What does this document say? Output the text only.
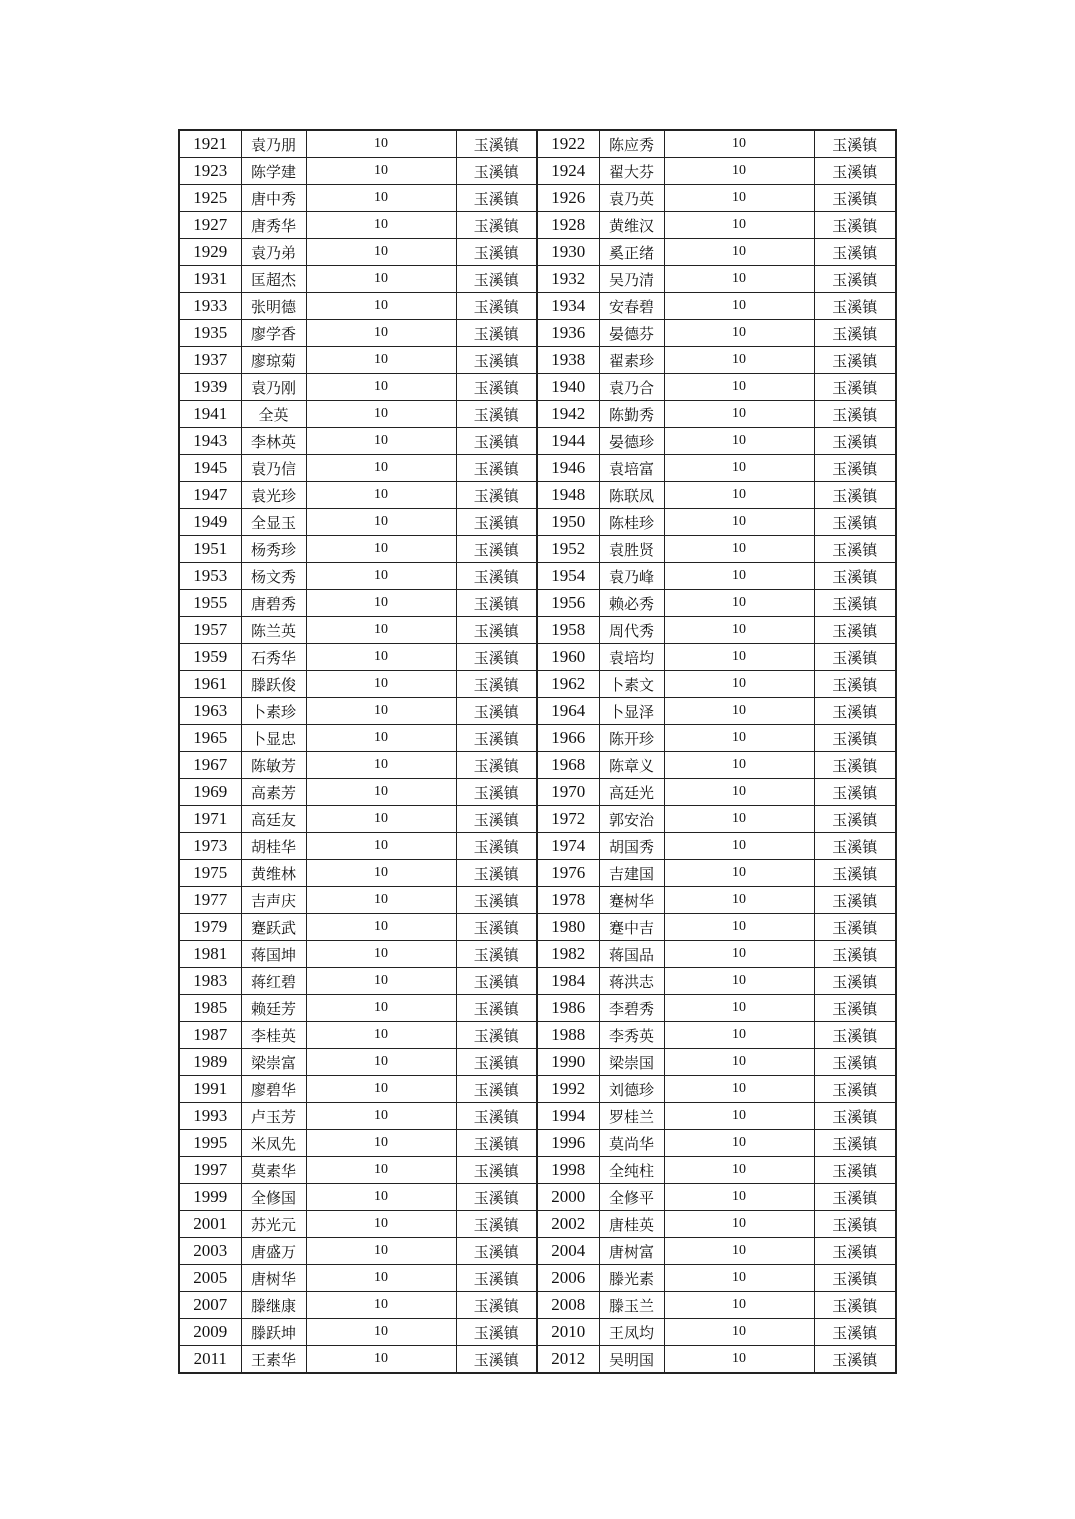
1921	袁乃朋	10	玉溪镇	1922	陈应秀	10	玉溪镇
1923	陈学建	10	玉溪镇	1924	翟大芬	10	玉溪镇
1925	唐中秀	10	玉溪镇	1926	袁乃英	10	玉溪镇
1927	唐秀华	10	玉溪镇	1928	黄维汉	10	玉溪镇
1929	袁乃弟	10	玉溪镇	1930	奚正绪	10	玉溪镇
1931	匡超杰	10	玉溪镇	1932	吴乃清	10	玉溪镇
1933	张明德	10	玉溪镇	1934	安春碧	10	玉溪镇
1935	廖学香	10	玉溪镇	1936	晏德芬	10	玉溪镇
1937	廖琼菊	10	玉溪镇	1938	翟素珍	10	玉溪镇
1939	袁乃刚	10	玉溪镇	1940	袁乃合	10	玉溪镇
1941	全英	10	玉溪镇	1942	陈勤秀	10	玉溪镇
1943	李林英	10	玉溪镇	1944	晏德珍	10	玉溪镇
1945	袁乃信	10	玉溪镇	1946	袁培富	10	玉溪镇
1947	袁光珍	10	玉溪镇	1948	陈联凤	10	玉溪镇
1949	全显玉	10	玉溪镇	1950	陈桂珍	10	玉溪镇
1951	杨秀珍	10	玉溪镇	1952	袁胜贤	10	玉溪镇
1953	杨文秀	10	玉溪镇	1954	袁乃峰	10	玉溪镇
1955	唐碧秀	10	玉溪镇	1956	赖必秀	10	玉溪镇
1957	陈兰英	10	玉溪镇	1958	周代秀	10	玉溪镇
1959	石秀华	10	玉溪镇	1960	袁培均	10	玉溪镇
1961	滕跃俊	10	玉溪镇	1962	卜素文	10	玉溪镇
1963	卜素珍	10	玉溪镇	1964	卜显泽	10	玉溪镇
1965	卜显忠	10	玉溪镇	1966	陈开珍	10	玉溪镇
1967	陈敏芳	10	玉溪镇	1968	陈章义	10	玉溪镇
1969	高素芳	10	玉溪镇	1970	高廷光	10	玉溪镇
1971	高廷友	10	玉溪镇	1972	郭安治	10	玉溪镇
1973	胡桂华	10	玉溪镇	1974	胡国秀	10	玉溪镇
1975	黄维林	10	玉溪镇	1976	吉建国	10	玉溪镇
1977	吉声庆	10	玉溪镇	1978	蹇树华	10	玉溪镇
1979	蹇跃武	10	玉溪镇	1980	蹇中吉	10	玉溪镇
1981	蒋国坤	10	玉溪镇	1982	蒋国品	10	玉溪镇
1983	蒋红碧	10	玉溪镇	1984	蒋洪志	10	玉溪镇
1985	赖廷芳	10	玉溪镇	1986	李碧秀	10	玉溪镇
1987	李桂英	10	玉溪镇	1988	李秀英	10	玉溪镇
1989	梁崇富	10	玉溪镇	1990	梁崇国	10	玉溪镇
1991	廖碧华	10	玉溪镇	1992	刘德珍	10	玉溪镇
1993	卢玉芳	10	玉溪镇	1994	罗桂兰	10	玉溪镇
1995	米凤先	10	玉溪镇	1996	莫尚华	10	玉溪镇
1997	莫素华	10	玉溪镇	1998	全纯柱	10	玉溪镇
1999	全修国	10	玉溪镇	2000	全修平	10	玉溪镇
2001	苏光元	10	玉溪镇	2002	唐桂英	10	玉溪镇
2003	唐盛万	10	玉溪镇	2004	唐树富	10	玉溪镇
2005	唐树华	10	玉溪镇	2006	滕光素	10	玉溪镇
2007	滕继康	10	玉溪镇	2008	滕玉兰	10	玉溪镇
2009	滕跃坤	10	玉溪镇	2010	王凤均	10	玉溪镇
2011	王素华	10	玉溪镇	2012	吴明国	10	玉溪镇
